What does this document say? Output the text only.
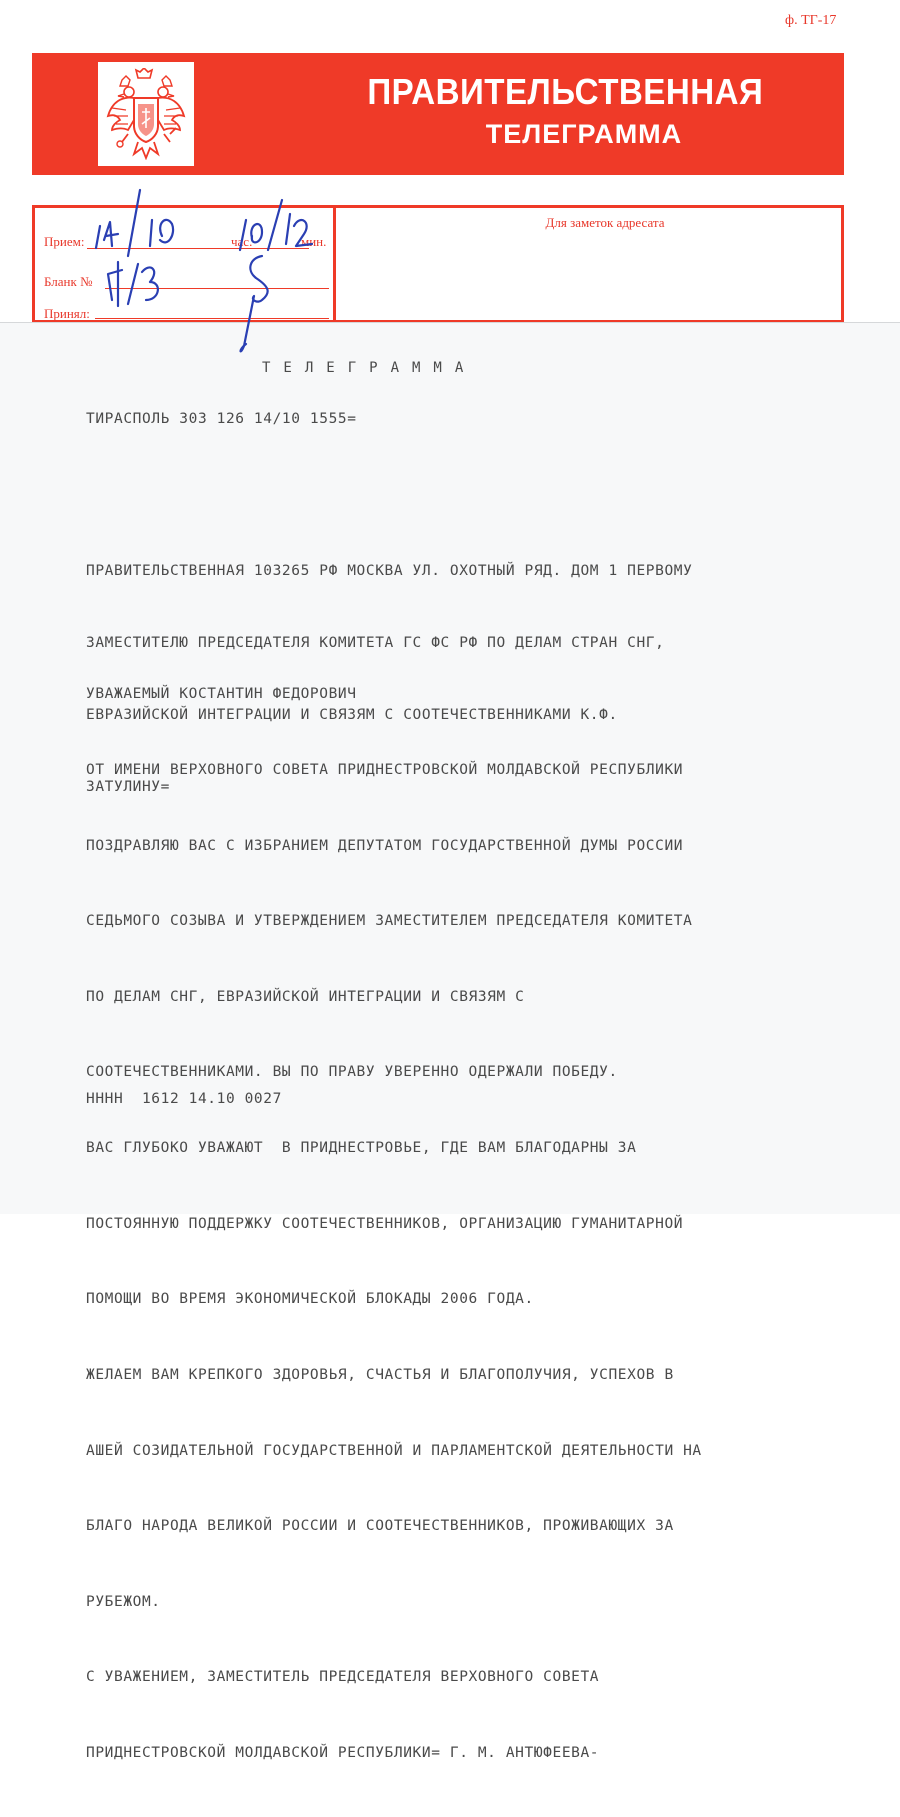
ф. ТГ-17
ПРАВИТЕЛЬСТВЕННАЯ
ТЕЛЕГРАММА
Прием:	час.	мин.
Бланк №
Принял:
Для заметок адресата
ТЕЛЕГРАММА
ТИРАСПОЛЬ 303 126 14/10 1555=

ПРАВИТЕЛЬСТВЕННАЯ 103265 РФ МОСКВА УЛ. ОХОТНЫЙ РЯД. ДОМ 1 ПЕРВОМУ

ЗАМЕСТИТЕЛЮ ПРЕДСЕДАТЕЛЯ КОМИТЕТА ГС ФС РФ ПО ДЕЛАМ СТРАН СНГ,

ЕВРАЗИЙСКОЙ ИНТЕГРАЦИИ И СВЯЗЯМ С СООТЕЧЕСТВЕННИКАМИ К.Ф.

ЗАТУЛИНУ=

УВАЖАЕМЫЙ КОСТАНТИН ФЕДОРОВИЧ

ОТ ИМЕНИ ВЕРХОВНОГО СОВЕТА ПРИДНЕСТРОВСКОЙ МОЛДАВСКОЙ РЕСПУБЛИКИ

ПОЗДРАВЛЯЮ ВАС С ИЗБРАНИЕМ ДЕПУТАТОМ ГОСУДАРСТВЕННОЙ ДУМЫ РОССИИ

СЕДЬМОГО СОЗЫВА И УТВЕРЖДЕНИЕМ ЗАМЕСТИТЕЛЕМ ПРЕДСЕДАТЕЛЯ КОМИТЕТА

ПО ДЕЛАМ СНГ, ЕВРАЗИЙСКОЙ ИНТЕГРАЦИИ И СВЯЗЯМ С

СООТЕЧЕСТВЕННИКАМИ. ВЫ ПО ПРАВУ УВЕРЕННО ОДЕРЖАЛИ ПОБЕДУ.

ВАС ГЛУБОКО УВАЖАЮТ  В ПРИДНЕСТРОВЬЕ, ГДЕ ВАМ БЛАГОДАРНЫ ЗА

ПОСТОЯННУЮ ПОДДЕРЖКУ СООТЕЧЕСТВЕННИКОВ, ОРГАНИЗАЦИЮ ГУМАНИТАРНОЙ

ПОМОЩИ ВО ВРЕМЯ ЭКОНОМИЧЕСКОЙ БЛОКАДЫ 2006 ГОДА.

ЖЕЛАЕМ ВАМ КРЕПКОГО ЗДОРОВЬЯ, СЧАСТЬЯ И БЛАГОПОЛУЧИЯ, УСПЕХОВ В

АШЕЙ СОЗИДАТЕЛЬНОЙ ГОСУДАРСТВЕННОЙ И ПАРЛАМЕНТСКОЙ ДЕЯТЕЛЬНОСТИ НА

БЛАГО НАРОДА ВЕЛИКОЙ РОССИИ И СООТЕЧЕСТВЕННИКОВ, ПРОЖИВАЮЩИХ ЗА

РУБЕЖОМ.

С УВАЖЕНИЕМ, ЗАМЕСТИТЕЛЬ ПРЕДСЕДАТЕЛЯ ВЕРХОВНОГО СОВЕТА

ПРИДНЕСТРОВСКОЙ МОЛДАВСКОЙ РЕСПУБЛИКИ= Г. М. АНТЮФЕЕВА-

НННН  1612 14.10 0027
